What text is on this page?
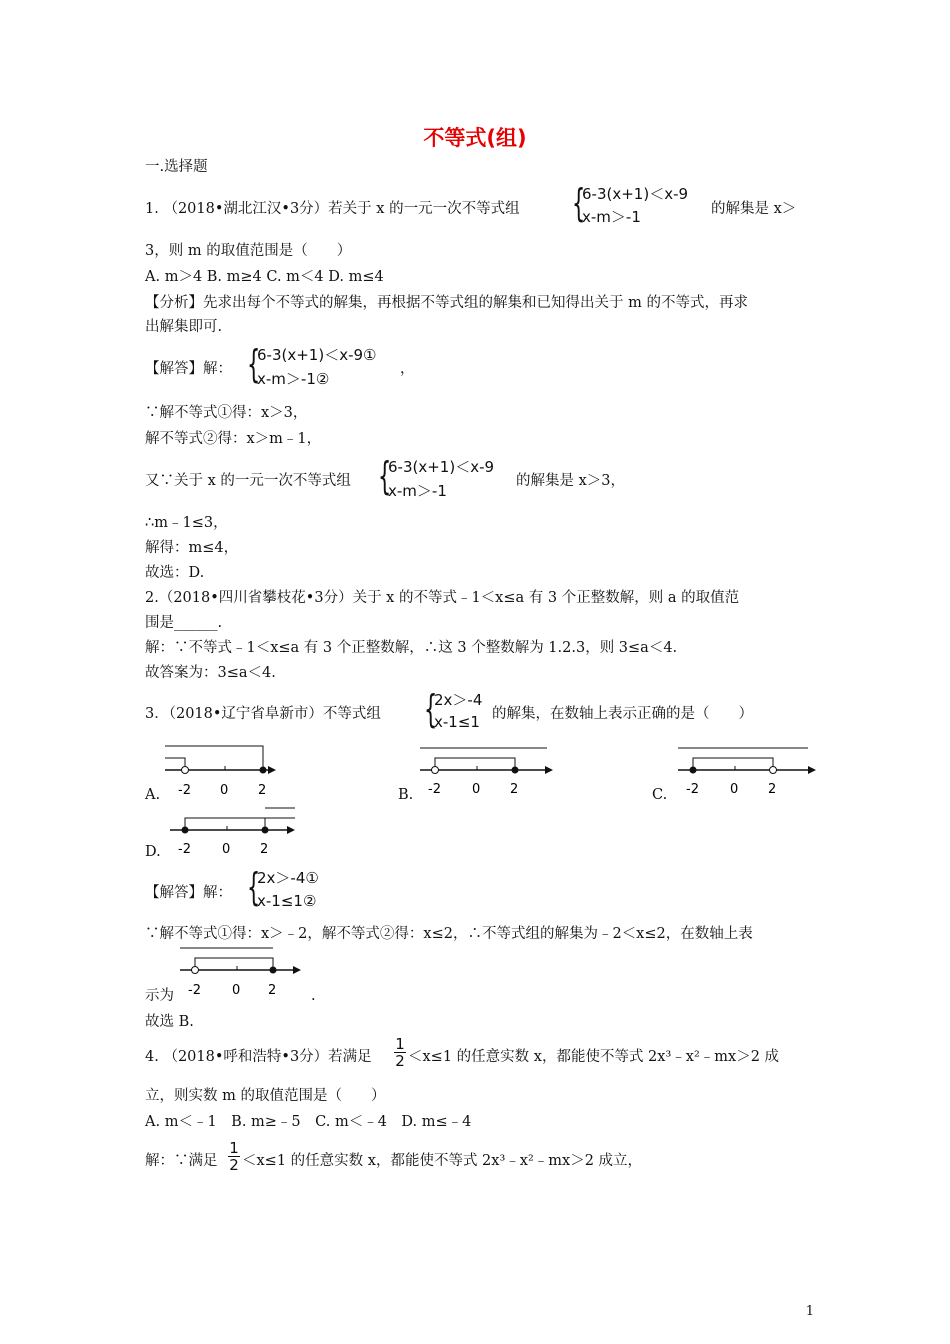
不等式(组)
一.选择题
1. （2018•湖北江汉•3分）若关于 x 的一元一次不等式组 {
6-3(x+1)＜x-9
x-m＞-1	的解集是 x＞
3，则 m 的取值范围是（　　）
A. m＞4 B. m≥4 C. m＜4 D. m≤4
【分析】先求出每个不等式的解集，再根据不等式组的解集和已知得出关于 m 的不等式，再求
出解集即可.
【解答】解： {
6-3(x+1)＜x-9①
x-m＞-1②
，
∵解不等式①得：x＞3，
解不等式②得：x＞m﹣1，
又∵关于 x 的一元一次不等式组 {
6-3(x+1)＜x-9
x-m＞-1
的解集是 x＞3，
∴m﹣1≤3，
解得：m≤4，
故选：D.
2.（2018•四川省攀枝花•3分）关于 x 的不等式﹣1＜x≤a 有 3 个正整数解，则 a 的取值范
围是______.
解：∵不等式﹣1＜x≤a 有 3 个正整数解，∴这 3 个整数解为 1.2.3，则 3≤a＜4.
故答案为：3≤a＜4.
3．（2018•辽宁省阜新市）不等式组 {
2x＞-4
x-1≤1 的解集，在数轴上表示正确的是（　　）
A. -2 0 2	B. -2 0 2	C. -2 0 2
D. -2 0 2
【解答】解： {
2x＞-4①
x-1≤1②
∵解不等式①得：x＞﹣2，解不等式②得：x≤2，∴不等式组的解集为﹣2＜x≤2，在数轴上表
示为 -2 0 2 .
故选 B.
4. （2018•呼和浩特•3分）若满足
1
2 ＜x≤1 的任意实数 x，都能使不等式 2x³﹣x²﹣mx＞2 成
立，则实数 m 的取值范围是（　　）
A. m＜﹣1　B. m≥﹣5　C. m＜﹣4　D. m≤﹣4
解：∵满足
1
2 ＜x≤1 的任意实数 x，都能使不等式 2x³﹣x²﹣mx＞2 成立，
1
